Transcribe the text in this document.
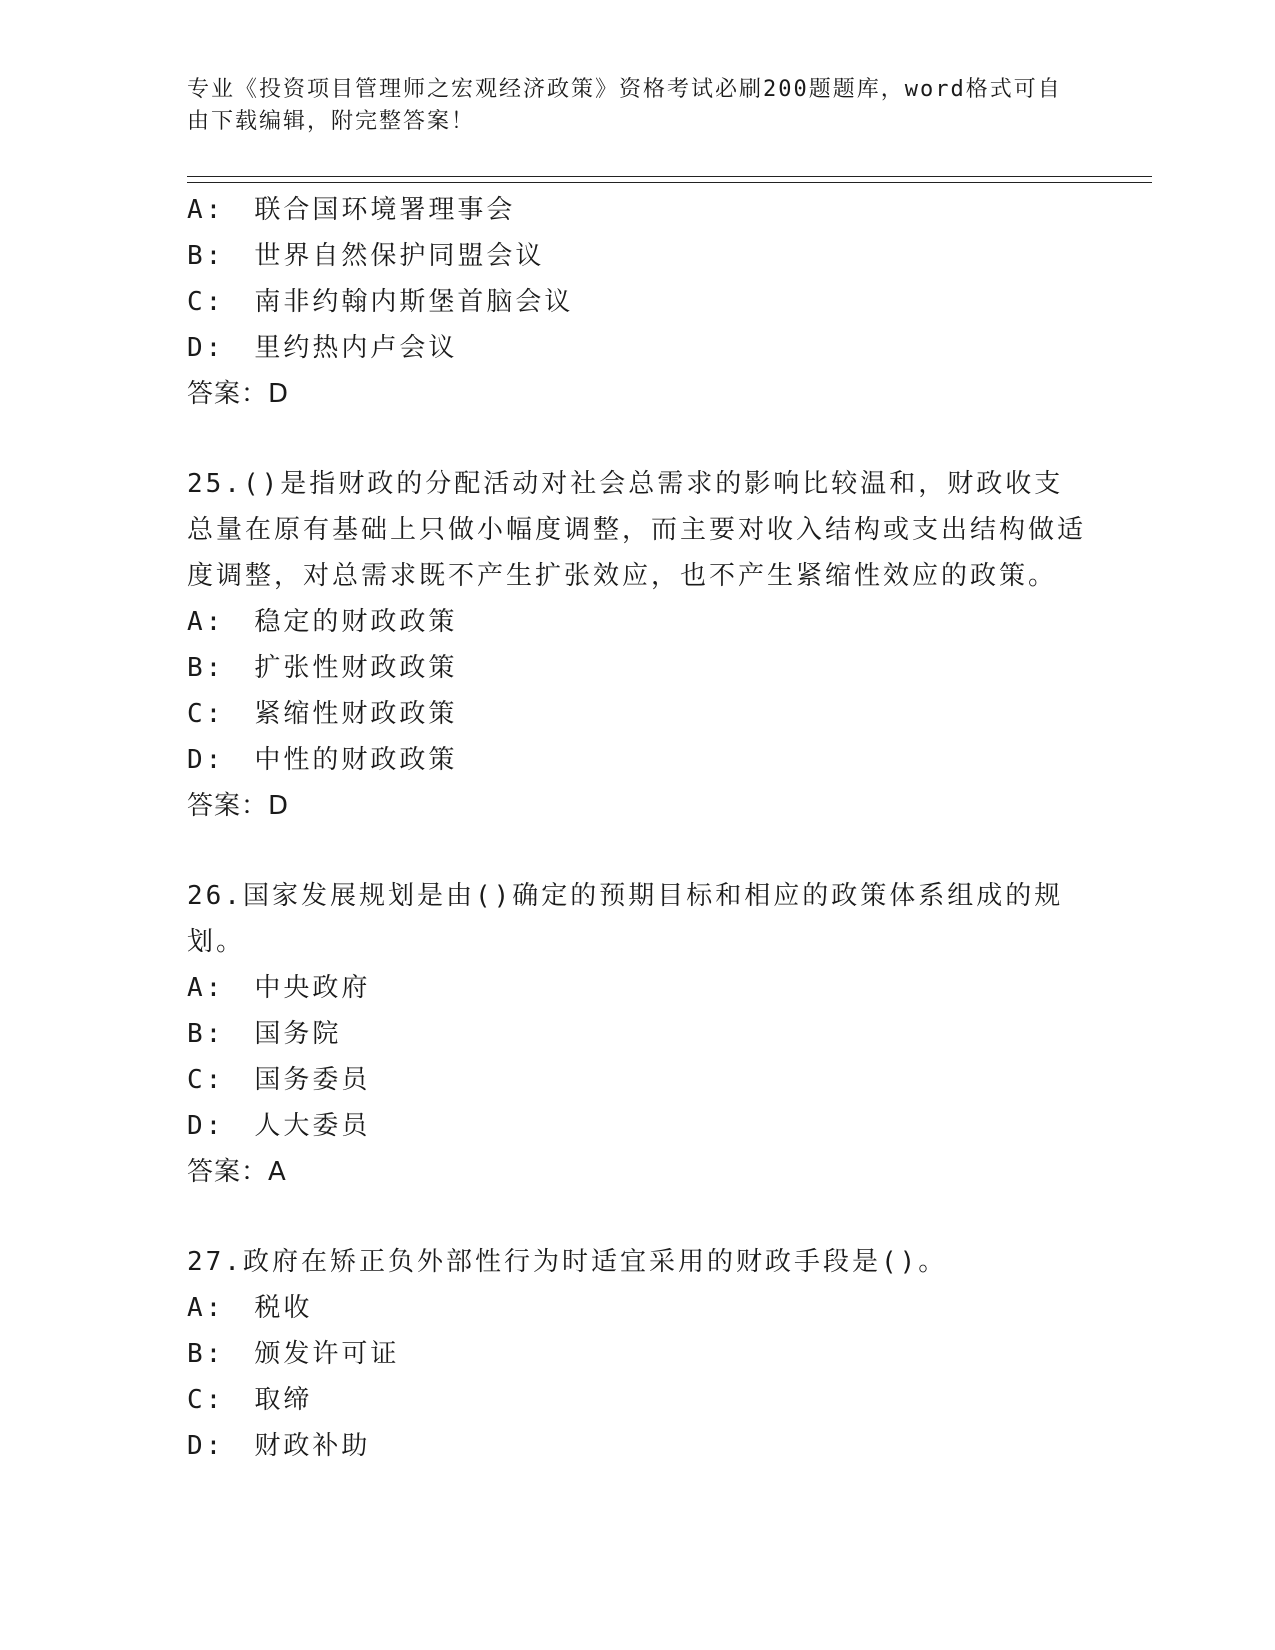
专业《投资项目管理师之宏观经济政策》资格考试必刷200题题库，word格式可自由下载编辑，附完整答案！
A: 联合国环境署理事会
B: 世界自然保护同盟会议
C: 南非约翰内斯堡首脑会议
D: 里约热内卢会议
答案：D
25.()是指财政的分配活动对社会总需求的影响比较温和，财政收支总量在原有基础上只做小幅度调整，而主要对收入结构或支出结构做适度调整，对总需求既不产生扩张效应，也不产生紧缩性效应的政策。
A: 稳定的财政政策
B: 扩张性财政政策
C: 紧缩性财政政策
D: 中性的财政政策
答案：D
26.国家发展规划是由()确定的预期目标和相应的政策体系组成的规划。
A: 中央政府
B: 国务院
C: 国务委员
D: 人大委员
答案：A
27.政府在矫正负外部性行为时适宜采用的财政手段是()。
A: 税收
B: 颁发许可证
C: 取缔
D: 财政补助
